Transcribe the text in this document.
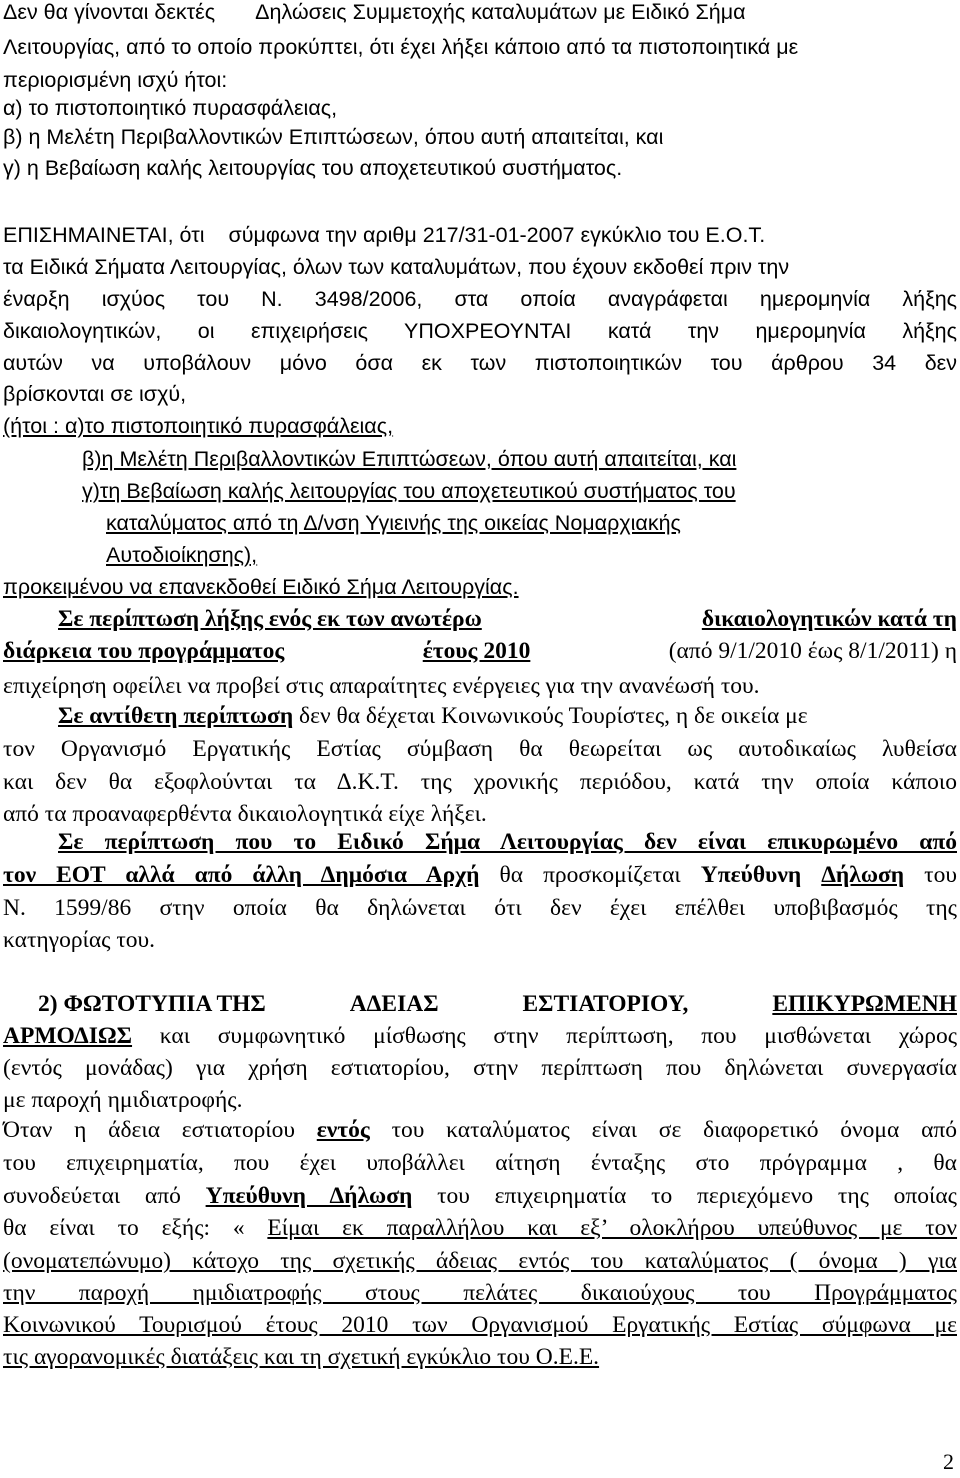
Δεν θα γίνονται δεκτές Δηλώσεις Συμμετοχής καταλυμάτων με Ειδικό Σήμα
Λειτουργίας, από το οποίο προκύπτει, ότι έχει λήξει κάποιο από τα πιστοποιητικά με
περιορισμένη ισχύ ήτοι:
α) το πιστοποιητικό πυρασφάλειας,
β) η Μελέτη Περιβαλλοντικών Επιπτώσεων, όπου αυτή απαιτείται, και
γ) η Βεβαίωση καλής λειτουργίας του αποχετευτικού συστήματος.
ΕΠΙΣΗΜΑΙΝΕΤΑΙ, ότι σύμφωνα την αριθμ 217/31-01-2007 εγκύκλιο του Ε.Ο.Τ.
τα Ειδικά Σήματα Λειτουργίας, όλων των καταλυμάτων, που έχουν εκδοθεί πριν την
έναρξη ισχύος του Ν. 3498/2006, στα οποία αναγράφεται ημερομηνία λήξης
δικαιολογητικών, οι επιχειρήσεις ΥΠΟΧΡΕΟΥΝΤΑΙ κατά την ημερομηνία λήξης
αυτών να υποβάλουν μόνο όσα εκ των πιστοποιητικών του άρθρου 34 δεν
βρίσκονται σε ισχύ,
(ήτοι : α)το πιστοποιητικό πυρασφάλειας,
β)η Μελέτη Περιβαλλοντικών Επιπτώσεων, όπου αυτή απαιτείται, και
γ)τη Βεβαίωση καλής λειτουργίας του αποχετευτικού συστήματος του
καταλύματος από τη Δ/νση Υγιεινής της οικείας Νομαρχιακής
Αυτοδιοίκησης),
προκειμένου να επανεκδοθεί Ειδικό Σήμα Λειτουργίας.
Σε περίπτωση λήξης ενός εκ των ανωτέρω	δικαιολογητικών κατά τη
διάρκεια του προγράμματος	έτους 2010	(από 9/1/2010 έως 8/1/2011) η
επιχείρηση οφείλει να προβεί στις απαραίτητες ενέργειες για την ανανέωσή του.
Σε αντίθετη περίπτωση δεν θα δέχεται Κοινωνικούς Τουρίστες, η δε οικεία με
τον Οργανισμό Εργατικής Εστίας σύμβαση θα θεωρείται ως αυτοδικαίως λυθείσα
και δεν θα εξοφλούνται τα Δ.Κ.Τ. της χρονικής περιόδου, κατά την οποία κάποιο
από τα προαναφερθέντα δικαιολογητικά είχε λήξει.
Σε περίπτωση που το Ειδικό Σήμα Λειτουργίας δεν είναι επικυρωμένο από
τον ΕΟΤ αλλά από άλλη Δημόσια Αρχή θα προσκομίζεται Υπεύθυνη Δήλωση του
Ν. 1599/86 στην οποία θα δηλώνεται ότι δεν έχει επέλθει υποβιβασμός της
κατηγορίας του.
2) ΦΩΤΟΤΥΠΙΑ ΤΗΣ	ΑΔΕΙΑΣ	ΕΣΤΙΑΤΟΡΙΟΥ,	ΕΠΙΚΥΡΩΜΕΝΗ
ΑΡΜΟΔΙΩΣ και συμφωνητικό μίσθωσης στην περίπτωση, που μισθώνεται χώρος
(εντός μονάδας) για χρήση εστιατορίου, στην περίπτωση που δηλώνεται συνεργασία
με παροχή ημιδιατροφής.
Όταν η άδεια εστιατορίου εντός του καταλύματος είναι σε διαφορετικό όνομα από
του επιχειρηματία, που έχει υποβάλλει αίτηση ένταξης στο πρόγραμμα , θα
συνοδεύεται από Υπεύθυνη Δήλωση του επιχειρηματία το περιεχόμενο της οποίας
θα είναι το εξής: « Είμαι εκ παραλλήλου και εξ’ ολοκλήρου υπεύθυνος με τον
(ονοματεπώνυμο) κάτοχο της σχετικής άδειας εντός του καταλύματος ( όνομα ) για
την παροχή ημιδιατροφής στους πελάτες δικαιούχους του Προγράμματος
Κοινωνικού Τουρισμού έτους 2010 των Οργανισμού Εργατικής Εστίας σύμφωνα με
τις αγορανομικές διατάξεις και τη σχετική εγκύκλιο του Ο.Ε.Ε.
2
